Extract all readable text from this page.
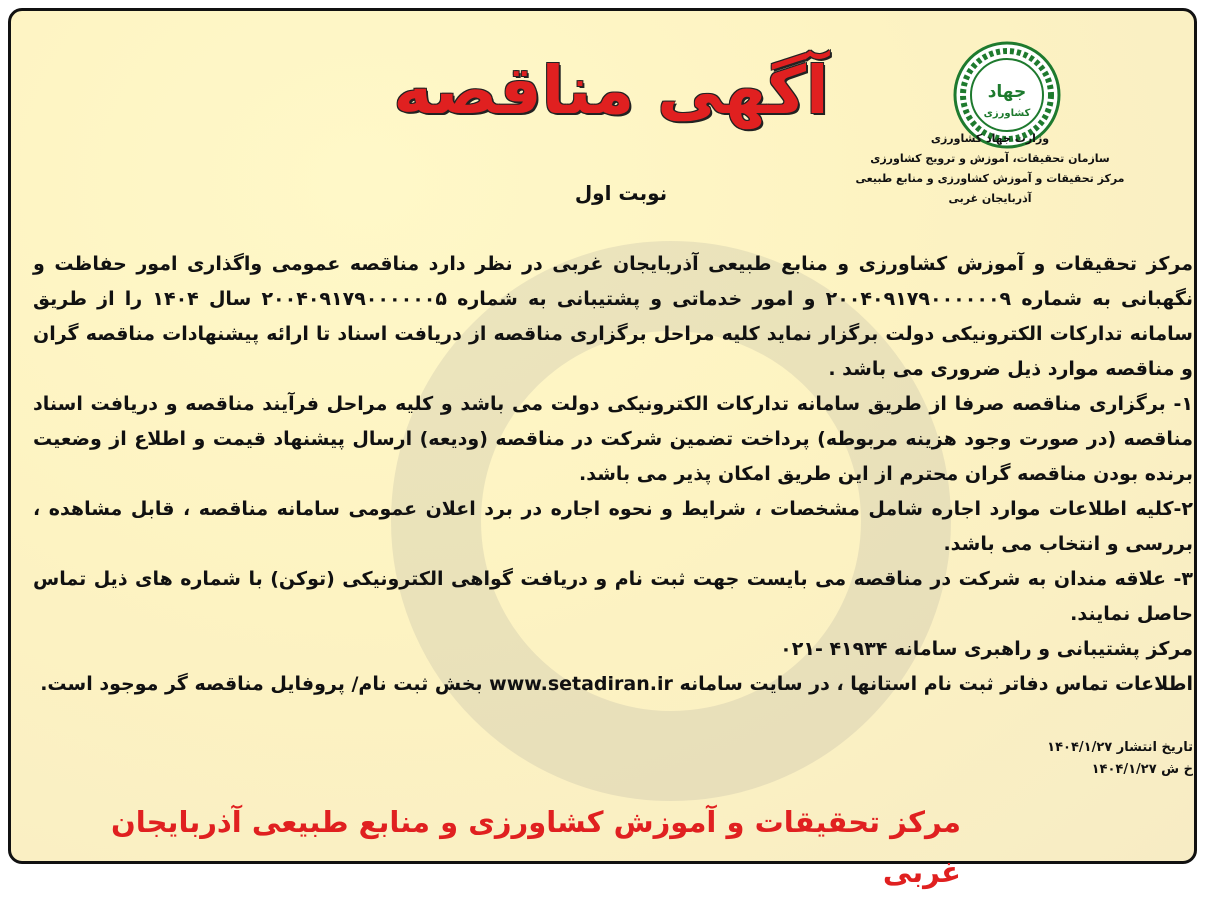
جهاد
کشاورزی
وزارت جهاد کشاورزی
سازمان تحقیقات، آموزش و ترویج کشاورزی
مرکز تحقیقات و آموزش کشاورزی و منابع طبیعی آذربایجان غربی
آگهی مناقصه
نوبت اول

مرکز تحقیقات و آموزش کشاورزی و منابع طبیعی آذربایجان غربی در نظر دارد مناقصه عمومی واگذاری امور حفاظت و نگهبانی به شماره ۲۰۰۴۰۹۱۷۹۰۰۰۰۰۰۹ و امور خدماتی و پشتیبانی به شماره ۲۰۰۴۰۹۱۷۹۰۰۰۰۰۰۵ سال ۱۴۰۴ را از طریق سامانه تدارکات الکترونیکی دولت برگزار نماید کلیه مراحل برگزاری مناقصه از دریافت اسناد تا ارائه پیشنهادات مناقصه گران و مناقصه موارد ذیل ضروری می باشد .

۱- برگزاری مناقصه صرفا از طریق سامانه تدارکات الکترونیکی دولت می باشد و کلیه مراحل فرآیند مناقصه و دریافت اسناد مناقصه (در صورت وجود هزینه مربوطه) پرداخت تضمین شرکت در مناقصه (ودیعه) ارسال پیشنهاد قیمت و اطلاع از وضعیت برنده بودن مناقصه گران محترم از این طریق امکان پذیر می باشد.

۲-کلیه اطلاعات موارد اجاره شامل مشخصات ، شرایط و نحوه اجاره در برد اعلان عمومی سامانه مناقصه ، قابل مشاهده ، بررسی و انتخاب می باشد.

۳- علاقه مندان به شرکت در مناقصه می بایست جهت ثبت نام و دریافت گواهی الکترونیکی (توکن) با شماره های ذیل تماس حاصل نمایند.

مرکز پشتیبانی و راهبری سامانه ۴۱۹۳۴ -۰۲۱

اطلاعات تماس دفاتر ثبت نام استانها ، در سایت سامانه www.setadiran.ir بخش ثبت نام/ پروفایل مناقصه گر موجود است.

تاریخ انتشار ۱۴۰۴/۱/۲۷
خ ش ۱۴۰۴/۱/۲۷
مرکز تحقیقات و آموزش کشاورزی و منابع طبیعی آذربایجان غربی
